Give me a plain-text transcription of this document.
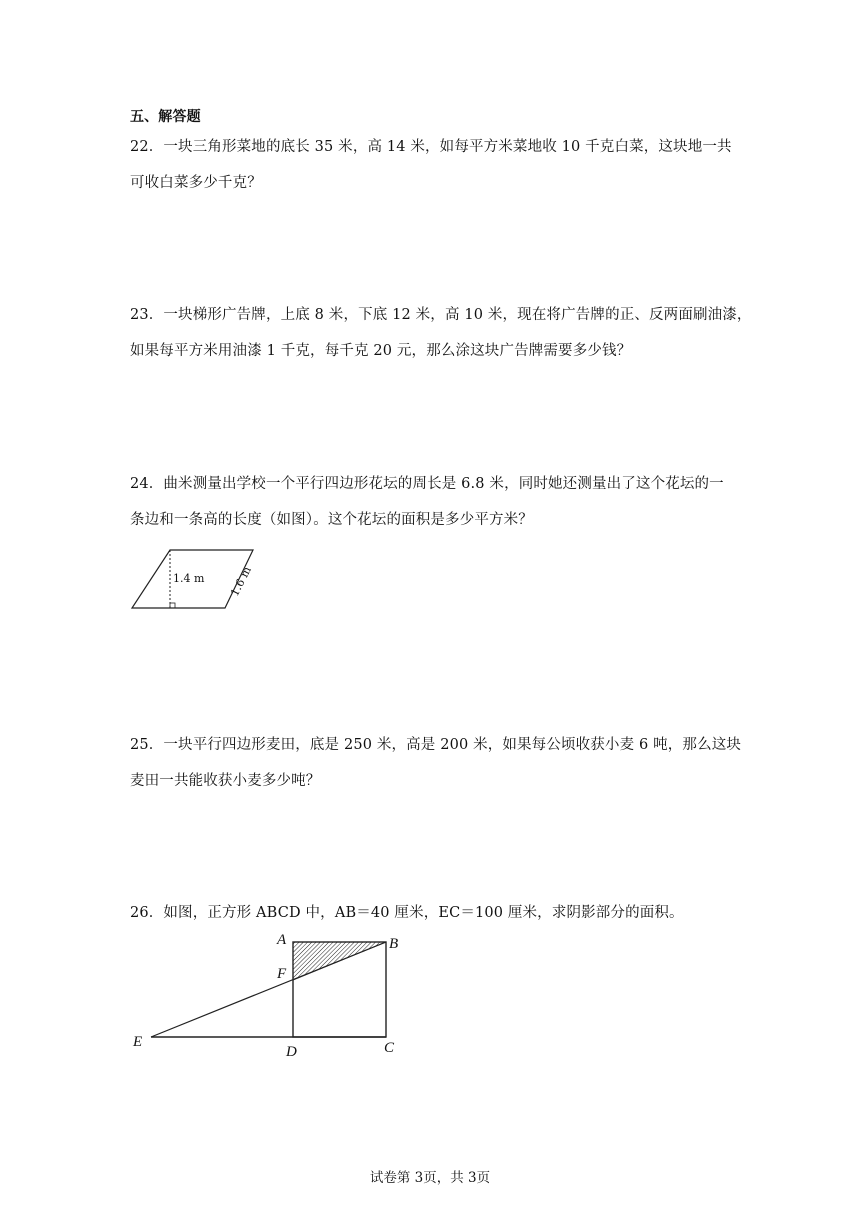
五、解答题
22．一块三角形菜地的底长 35 米，高 14 米，如每平方米菜地收 10 千克白菜，这块地一共
可收白菜多少千克？
23．一块梯形广告牌，上底 8 米，下底 12 米，高 10 米，现在将广告牌的正、反两面刷油漆，
如果每平方米用油漆 1 千克，每千克 20 元，那么涂这块广告牌需要多少钱？
24．曲米测量出学校一个平行四边形花坛的周长是 6.8 米，同时她还测量出了这个花坛的一
条边和一条高的长度（如图）。这个花坛的面积是多少平方米？
1.4 m 1.6 m
25．一块平行四边形麦田，底是 250 米，高是 200 米，如果每公顷收获小麦 6 吨，那么这块
麦田一共能收获小麦多少吨？
26．如图，正方形 ABCD 中，AB＝40 厘米，EC＝100 厘米，求阴影部分的面积。
A	B
F
E
D	C
试卷第 3页，共 3页
